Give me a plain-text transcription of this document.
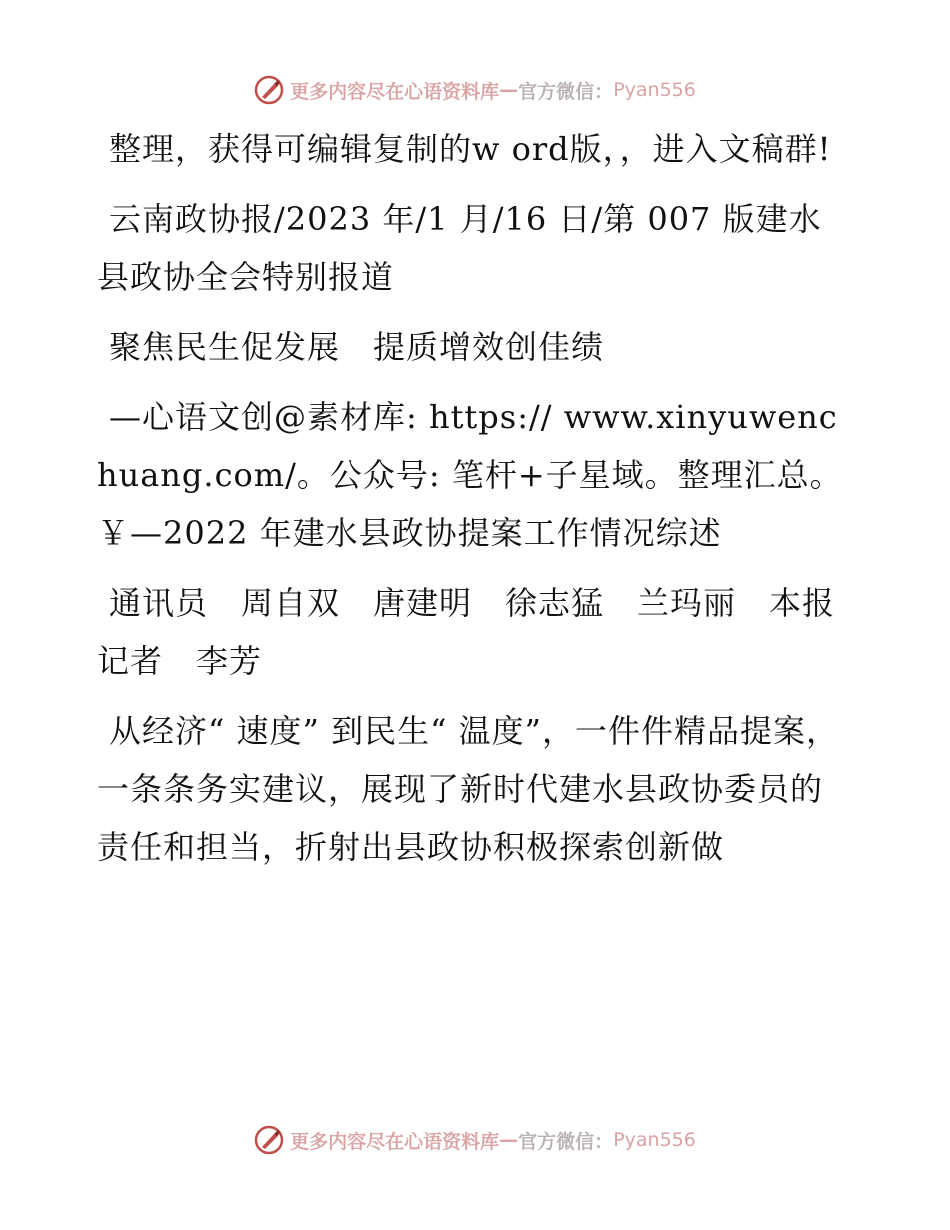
更多内容尽在心语资料库 — 官方微信： Pyan556

整理，获得可编辑复制的w ord版，，进入文稿群!

云南政协报/2023 年/1 月/16 日/第 007 版建水县政协全会特别报道

聚焦民生促发展　提质增效创佳绩

—心语文创@素材库: https:// www.xinyuwenchuang.com/。公众号: 笔杆+子星域。整理汇总。￥—2022 年建水县政协提案工作情况综述

通讯员　周自双　唐建明　徐志猛　兰玛丽　本报记者　李芳

从经济“ 速度” 到民生“ 温度”，一件件精品提案，一条条务实建议，展现了新时代建水县政协委员的责任和担当，折射出县政协积极探索创新做

更多内容尽在心语资料库 — 官方微信： Pyan556
